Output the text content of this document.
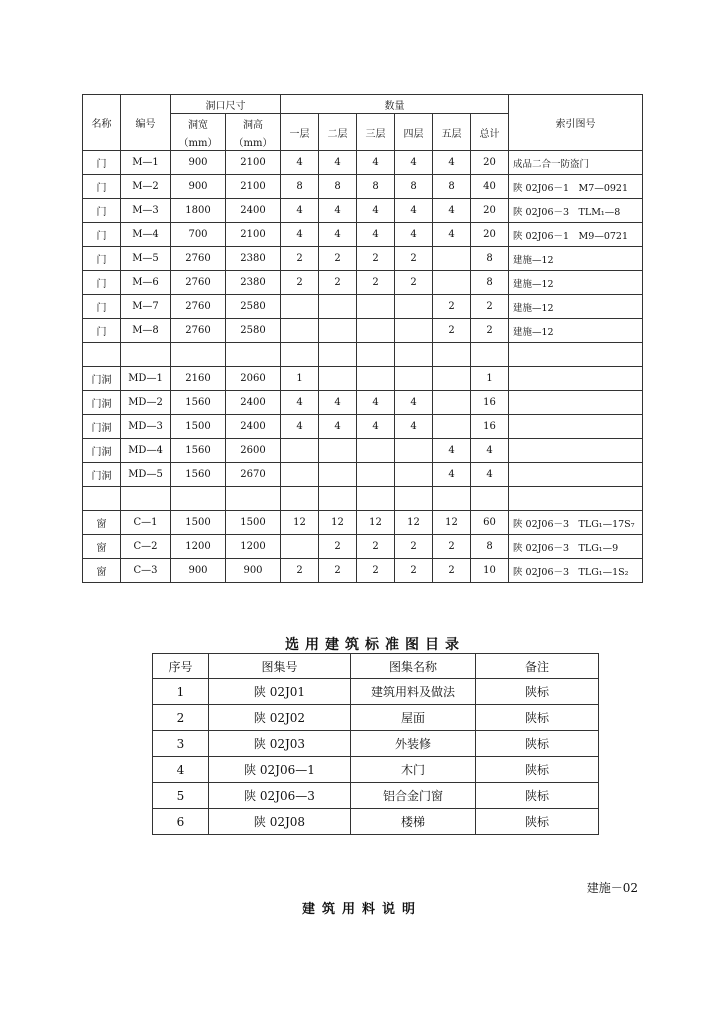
名称	编号	洞口尺寸		数量						索引图号
		洞宽	洞高	一层	二层	三层	四层	五层	总计	
		（mm）	（mm）							
门	M—1	900	2100	4	4	4	4	4	20	成品二合一防盗门
门	M—2	900	2100	8	8	8	8	8	40	陕 02J06－1　M7—0921
门	M—3	1800	2400	4	4	4	4	4	20	陕 02J06－3　TLM₁—8
门	M—4	700	2100	4	4	4	4	4	20	陕 02J06－1　M9—0721
门	M—5	2760	2380	2	2	2	2		8	建施—12
门	M—6	2760	2380	2	2	2	2		8	建施—12
门	M—7	2760	2580					2	2	建施—12
门	M—8	2760	2580					2	2	建施—12

门洞	MD—1	2160	2060	1					1	
门洞	MD—2	1560	2400	4	4	4	4		16	
门洞	MD—3	1500	2400	4	4	4	4		16	
门洞	MD—4	1560	2600					4	4	
门洞	MD—5	1560	2670					4	4	

窗	C—1	1500	1500	12	12	12	12	12	60	陕 02J06－3　TLG₁—17S₇
窗	C—2	1200	1200		2	2	2	2	8	陕 02J06－3　TLG₁—9
窗	C—3	900	900	2	2	2	2	2	10	陕 02J06－3　TLG₁—1S₂
选用建筑标准图目录
序号	图集号	图集名称	备注
1	陕 02J01	建筑用料及做法	陕标
2	陕 02J02	屋面	陕标
3	陕 02J03	外装修	陕标
4	陕 02J06—1	木门	陕标
5	陕 02J06—3	铝合金门窗	陕标
6	陕 02J08	楼梯	陕标
建施－02
建筑用料说明
